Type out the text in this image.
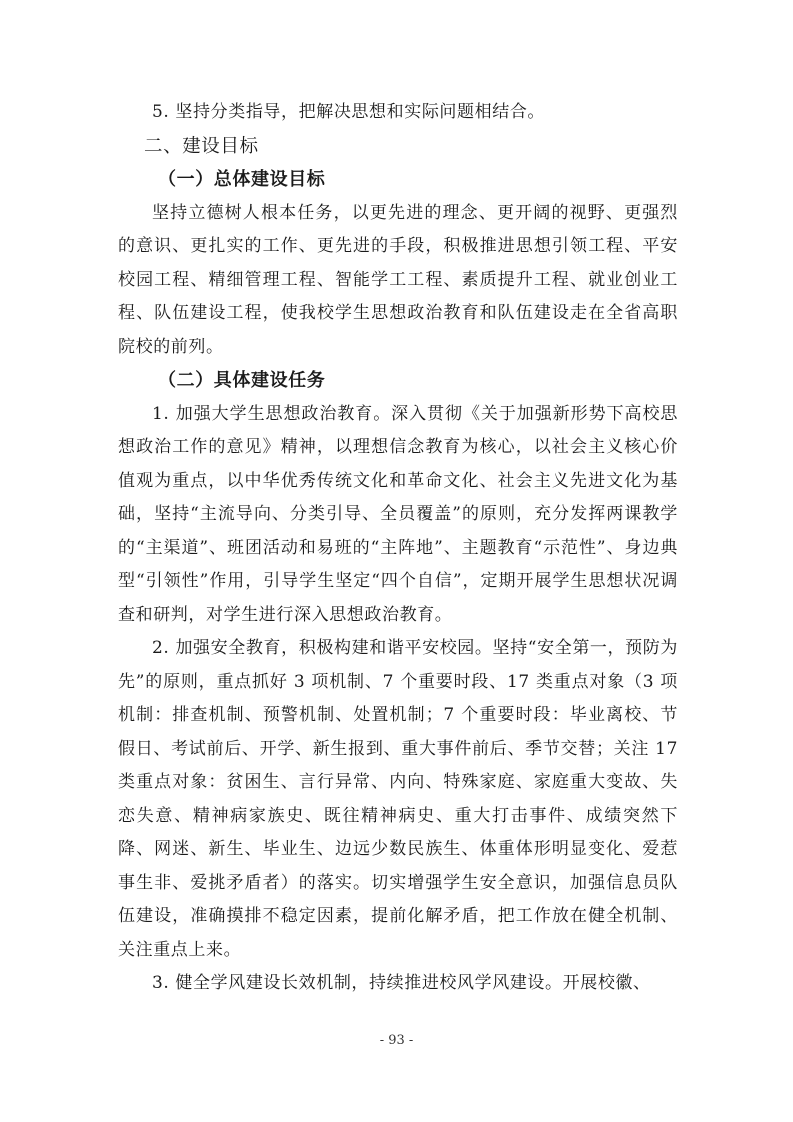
5. 坚持分类指导，把解决思想和实际问题相结合。

二、建设目标

（一）总体建设目标

坚持立德树人根本任务，以更先进的理念、更开阔的视野、更强烈的意识、更扎实的工作、更先进的手段，积极推进思想引领工程、平安校园工程、精细管理工程、智能学工工程、素质提升工程、就业创业工程、队伍建设工程，使我校学生思想政治教育和队伍建设走在全省高职院校的前列。

（二）具体建设任务

1. 加强大学生思想政治教育。深入贯彻《关于加强新形势下高校思想政治工作的意见》精神，以理想信念教育为核心，以社会主义核心价值观为重点，以中华优秀传统文化和革命文化、社会主义先进文化为基础，坚持“主流导向、分类引导、全员覆盖”的原则，充分发挥两课教学的“主渠道”、班团活动和易班的“主阵地”、主题教育“示范性”、身边典型“引领性”作用，引导学生坚定“四个自信”，定期开展学生思想状况调查和研判，对学生进行深入思想政治教育。

2. 加强安全教育，积极构建和谐平安校园。坚持“安全第一，预防为先”的原则，重点抓好 3 项机制、7 个重要时段、17 类重点对象（3 项机制：排查机制、预警机制、处置机制；7 个重要时段：毕业离校、节假日、考试前后、开学、新生报到、重大事件前后、季节交替；关注 17 类重点对象：贫困生、言行异常、内向、特殊家庭、家庭重大变故、失恋失意、精神病家族史、既往精神病史、重大打击事件、成绩突然下降、网迷、新生、毕业生、边远少数民族生、体重体形明显变化、爱惹事生非、爱挑矛盾者）的落实。切实增强学生安全意识，加强信息员队伍建设，准确摸排不稳定因素，提前化解矛盾，把工作放在健全机制、关注重点上来。

3. 健全学风建设长效机制，持续推进校风学风建设。开展校徽、

- 93 -
